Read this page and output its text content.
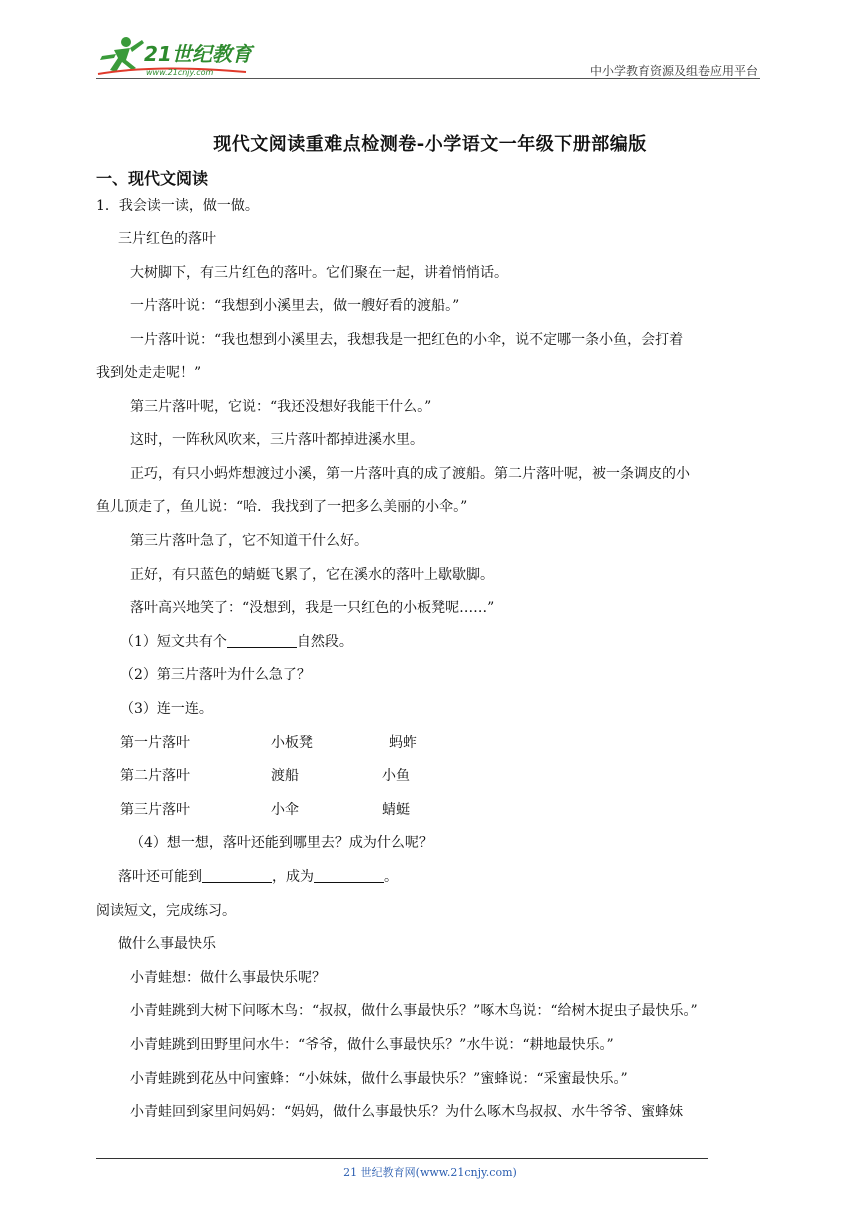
21世纪教育
www.21cnjy.com	中小学教育资源及组卷应用平台
现代文阅读重难点检测卷-小学语文一年级下册部编版
一、现代文阅读
1．我会读一读，做一做。
三片红色的落叶
大树脚下，有三片红色的落叶。它们聚在一起，讲着悄悄话。
一片落叶说：“我想到小溪里去，做一艘好看的渡船。”
一片落叶说：“我也想到小溪里去，我想我是一把红色的小伞，说不定哪一条小鱼，会打着
我到处走走呢！”
第三片落叶呢，它说：“我还没想好我能干什么。”
这时，一阵秋风吹来，三片落叶都掉进溪水里。
正巧，有只小蚂炸想渡过小溪，第一片落叶真的成了渡船。第二片落叶呢，被一条调皮的小
鱼儿顶走了，鱼儿说：“哈．我找到了一把多么美丽的小伞。”
第三片落叶急了，它不知道干什么好。
正好，有只蓝色的蜻蜓飞累了，它在溪水的落叶上歇歇脚。
落叶高兴地笑了：“没想到，我是一只红色的小板凳呢……”
（1）短文共有个	自然段。
（2）第三片落叶为什么急了？
（3）连一连。
第一片落叶	小板凳	蚂蚱
第二片落叶	渡船	小鱼
第三片落叶	小伞	蜻蜓
（4）想一想，落叶还能到哪里去？成为什么呢？
落叶还可能到	，成为	。
阅读短文，完成练习。
做什么事最快乐
小青蛙想：做什么事最快乐呢？
小青蛙跳到大树下问啄木鸟：“叔叔，做什么事最快乐？”啄木鸟说：“给树木捉虫子最快乐。”
小青蛙跳到田野里问水牛：“爷爷，做什么事最快乐？”水牛说：“耕地最快乐。”
小青蛙跳到花丛中问蜜蜂：“小妹妹，做什么事最快乐？”蜜蜂说：“采蜜最快乐。”
小青蛙回到家里问妈妈：“妈妈，做什么事最快乐？为什么啄木鸟叔叔、水牛爷爷、蜜蜂妹
21 世纪教育网(www.21cnjy.com)
